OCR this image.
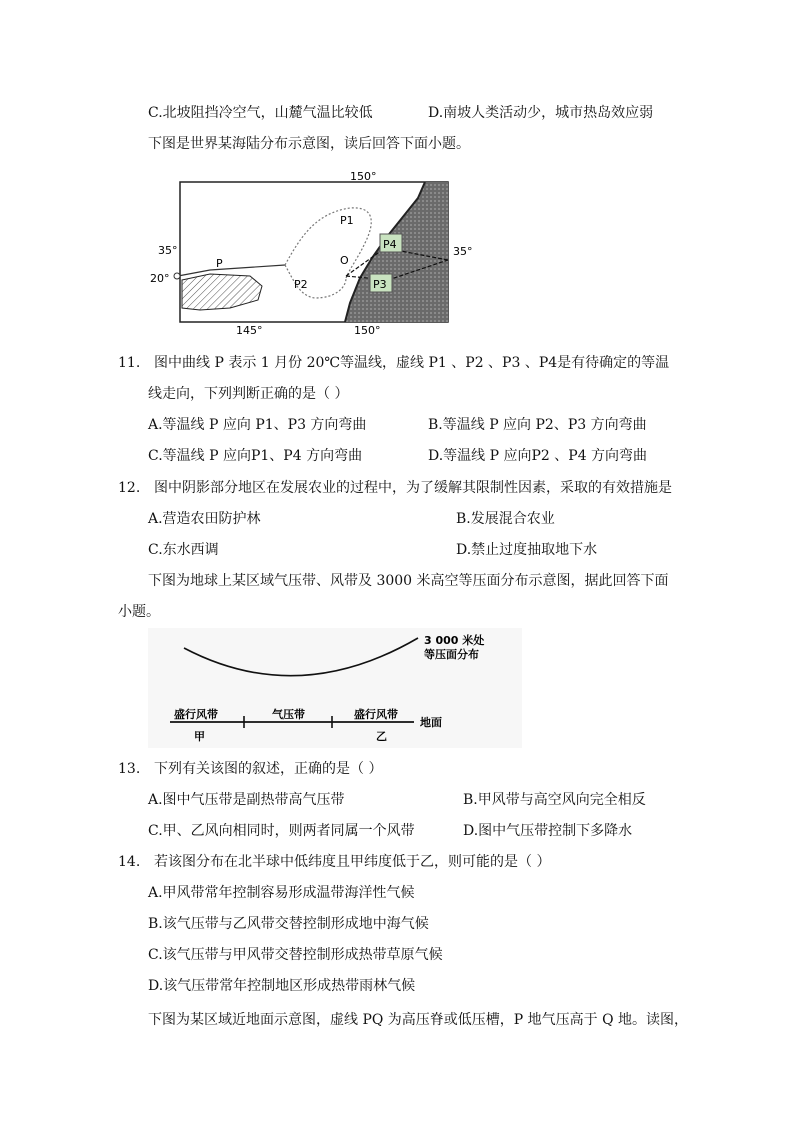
C.北坡阻挡冷空气，山麓气温比较低	D.南坡人类活动少，城市热岛效应弱
下图是世界某海陆分布示意图，读后回答下面小题。
150°
35°
20°
35°
145°	150°
P
P1
P2
O
P4
P3
11. 图中曲线 P 表示 1 月份 20℃等温线，虚线 P1 、P2 、P3 、P4是有待确定的等温
线走向，下列判断正确的是（ ）
A.等温线 P 应向 P1、P3 方向弯曲	B.等温线 P 应向 P2、P3 方向弯曲
C.等温线 P 应向P1、P4 方向弯曲	D.等温线 P 应向P2 、P4 方向弯曲
12. 图中阴影部分地区在发展农业的过程中，为了缓解其限制性因素，采取的有效措施是
A.营造农田防护林	B.发展混合农业
C.东水西调	D.禁止过度抽取地下水
下图为地球上某区域气压带、风带及 3000 米高空等压面分布示意图，据此回答下面
小题。
3 000 米处
等压面分布
盛行风带	气压带	盛行风带
地面
甲	乙
13. 下列有关该图的叙述，正确的是（ ）
A.图中气压带是副热带高气压带	B.甲风带与高空风向完全相反
C.甲、乙风向相同时，则两者同属一个风带	D.图中气压带控制下多降水
14. 若该图分布在北半球中低纬度且甲纬度低于乙，则可能的是（ ）
A.甲风带常年控制容易形成温带海洋性气候
B.该气压带与乙风带交替控制形成地中海气候
C.该气压带与甲风带交替控制形成热带草原气候
D.该气压带常年控制地区形成热带雨林气候
下图为某区域近地面示意图，虚线 PQ 为高压脊或低压槽，P 地气压高于 Q 地。读图，
